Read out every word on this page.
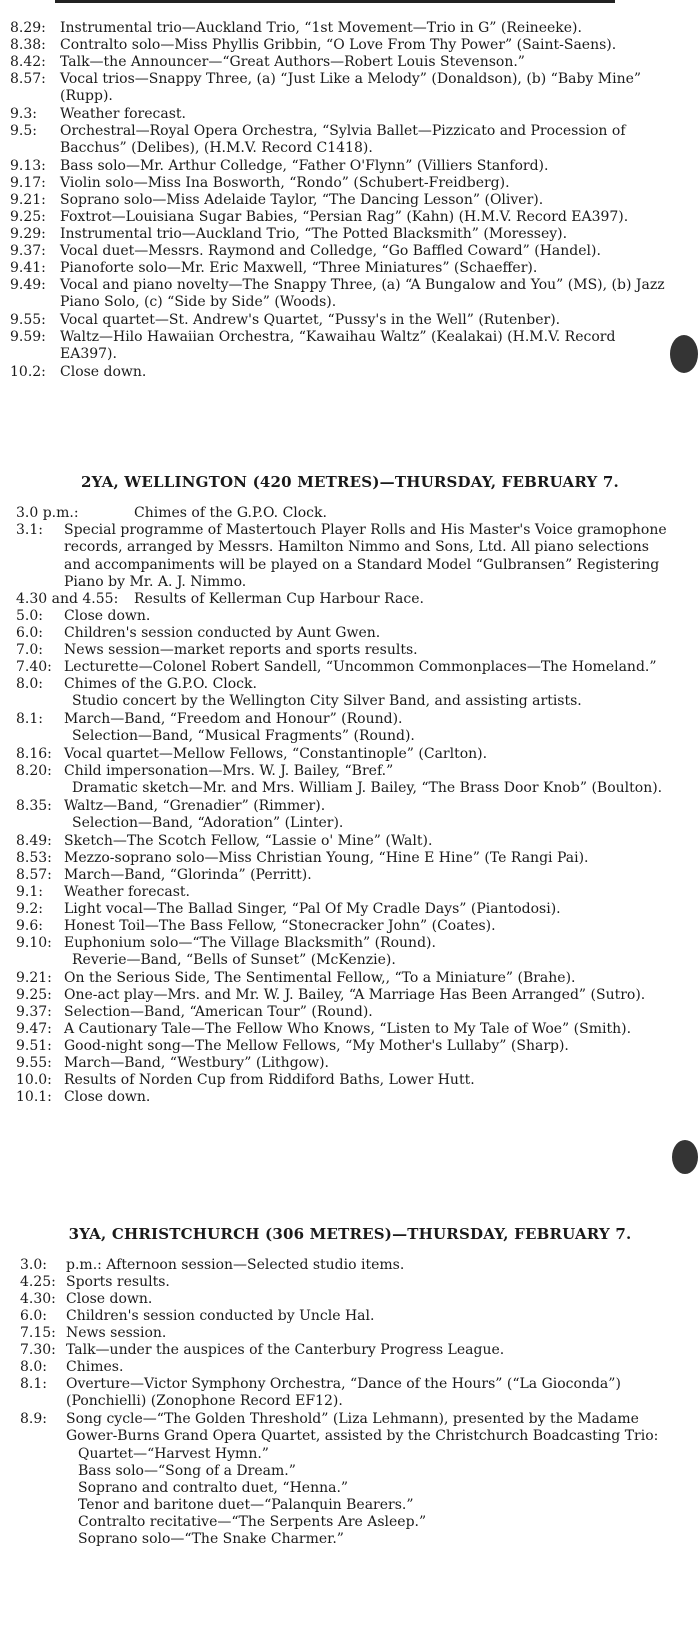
8.29:	Instrumental trio—Auckland Trio, “1st Movement—Trio in G” (Reineeke).
8.38:	Contralto solo—Miss Phyllis Gribbin, “O Love From Thy Power” (Saint-Saens).
8.42:	Talk—the Announcer—“Great Authors—Robert Louis Stevenson.”
8.57:	Vocal trios—Snappy Three, (a) “Just Like a Melody” (Donaldson), (b) “Baby Mine” (Rupp).
9.3:	Weather forecast.
9.5:	Orchestral—Royal Opera Orchestra, “Sylvia Ballet—Pizzicato and Procession of Bacchus” (Delibes), (H.M.V. Record C1418).
9.13:	Bass solo—Mr. Arthur Colledge, “Father O'Flynn” (Villiers Stanford).
9.17:	Violin solo—Miss Ina Bosworth, “Rondo” (Schubert-Freidberg).
9.21:	Soprano solo—Miss Adelaide Taylor, “The Dancing Lesson” (Oliver).
9.25:	Foxtrot—Louisiana Sugar Babies, “Persian Rag” (Kahn) (H.M.V. Record EA397).
9.29:	Instrumental trio—Auckland Trio, “The Potted Blacksmith” (Moressey).
9.37:	Vocal duet—Messrs. Raymond and Colledge, “Go Baffled Coward” (Handel).
9.41:	Pianoforte solo—Mr. Eric Maxwell, “Three Miniatures” (Schaeffer).
9.49:	Vocal and piano novelty—The Snappy Three, (a) “A Bungalow and You” (MS), (b) Jazz Piano Solo, (c) “Side by Side” (Woods).
9.55:	Vocal quartet—St. Andrew's Quartet, “Pussy's in the Well” (Rutenber).
9.59:	Waltz—Hilo Hawaiian Orchestra, “Kawaihau Waltz” (Kealakai) (H.M.V. Record EA397).
10.2:	Close down.
2YA, WELLINGTON (420 METRES)—THURSDAY, FEBRUARY 7.
3.0 p.m.:	Chimes of the G.P.O. Clock.
3.1:	Special programme of Mastertouch Player Rolls and His Master's Voice gramophone records, arranged by Messrs. Hamilton Nimmo and Sons, Ltd. All piano selections and accompaniments will be played on a Standard Model “Gulbransen” Registering Piano by Mr. A. J. Nimmo.
4.30 and 4.55:	Results of Kellerman Cup Harbour Race.
5.0:	Close down.
6.0:	Children's session conducted by Aunt Gwen.
7.0:	News session—market reports and sports results.
7.40: Lecturette—Colonel Robert Sandell, “Uncommon Commonplaces—The Homeland.”
8.0:	Chimes of the G.P.O. Clock.
Studio concert by the Wellington City Silver Band, and assisting artists.
8.1:	March—Band, “Freedom and Honour” (Round).
Selection—Band, “Musical Fragments” (Round).
8.16: Vocal quartet—Mellow Fellows, “Constantinople” (Carlton).
8.20: Child impersonation—Mrs. W. J. Bailey, “Bref.”
Dramatic sketch—Mr. and Mrs. William J. Bailey, “The Brass Door Knob” (Boulton).
8.35: Waltz—Band, “Grenadier” (Rimmer).
Selection—Band, “Adoration” (Linter).
8.49: Sketch—The Scotch Fellow, “Lassie o' Mine” (Walt).
8.53: Mezzo-soprano solo—Miss Christian Young, “Hine E Hine” (Te Rangi Pai).
8.57: March—Band, “Glorinda” (Perritt).
9.1:	Weather forecast.
9.2:	Light vocal—The Ballad Singer, “Pal Of My Cradle Days” (Piantodosi).
9.6:	Honest Toil—The Bass Fellow, “Stonecracker John” (Coates).
9.10: Euphonium solo—“The Village Blacksmith” (Round).
Reverie—Band, “Bells of Sunset” (McKenzie).
9.21: On the Serious Side, The Sentimental Fellow,, “To a Miniature” (Brahe).
9.25: One-act play—Mrs. and Mr. W. J. Bailey, “A Marriage Has Been Arranged” (Sutro).
9.37: Selection—Band, “American Tour” (Round).
9.47: A Cautionary Tale—The Fellow Who Knows, “Listen to My Tale of Woe” (Smith).
9.51: Good-night song—The Mellow Fellows, “My Mother's Lullaby” (Sharp).
9.55: March—Band, “Westbury” (Lithgow).
10.0: Results of Norden Cup from Riddiford Baths, Lower Hutt.
10.1: Close down.
3YA, CHRISTCHURCH (306 METRES)—THURSDAY, FEBRUARY 7.
3.0:	p.m.: Afternoon session—Selected studio items.
4.25: Sports results.
4.30: Close down.
6.0:	Children's session conducted by Uncle Hal.
7.15: News session.
7.30: Talk—under the auspices of the Canterbury Progress League.
8.0:	Chimes.
8.1:	Overture—Victor Symphony Orchestra, “Dance of the Hours” (“La Gioconda”) (Ponchielli) (Zonophone Record EF12).
8.9:	Song cycle—“The Golden Threshold” (Liza Lehmann), presented by the Madame Gower-Burns Grand Opera Quartet, assisted by the Christchurch Boadcasting Trio:
Quartet—“Harvest Hymn.”
Bass solo—“Song of a Dream.”
Soprano and contralto duet, “Henna.”
Tenor and baritone duet—“Palanquin Bearers.”
Contralto recitative—“The Serpents Are Asleep.”
Soprano solo—“The Snake Charmer.”
